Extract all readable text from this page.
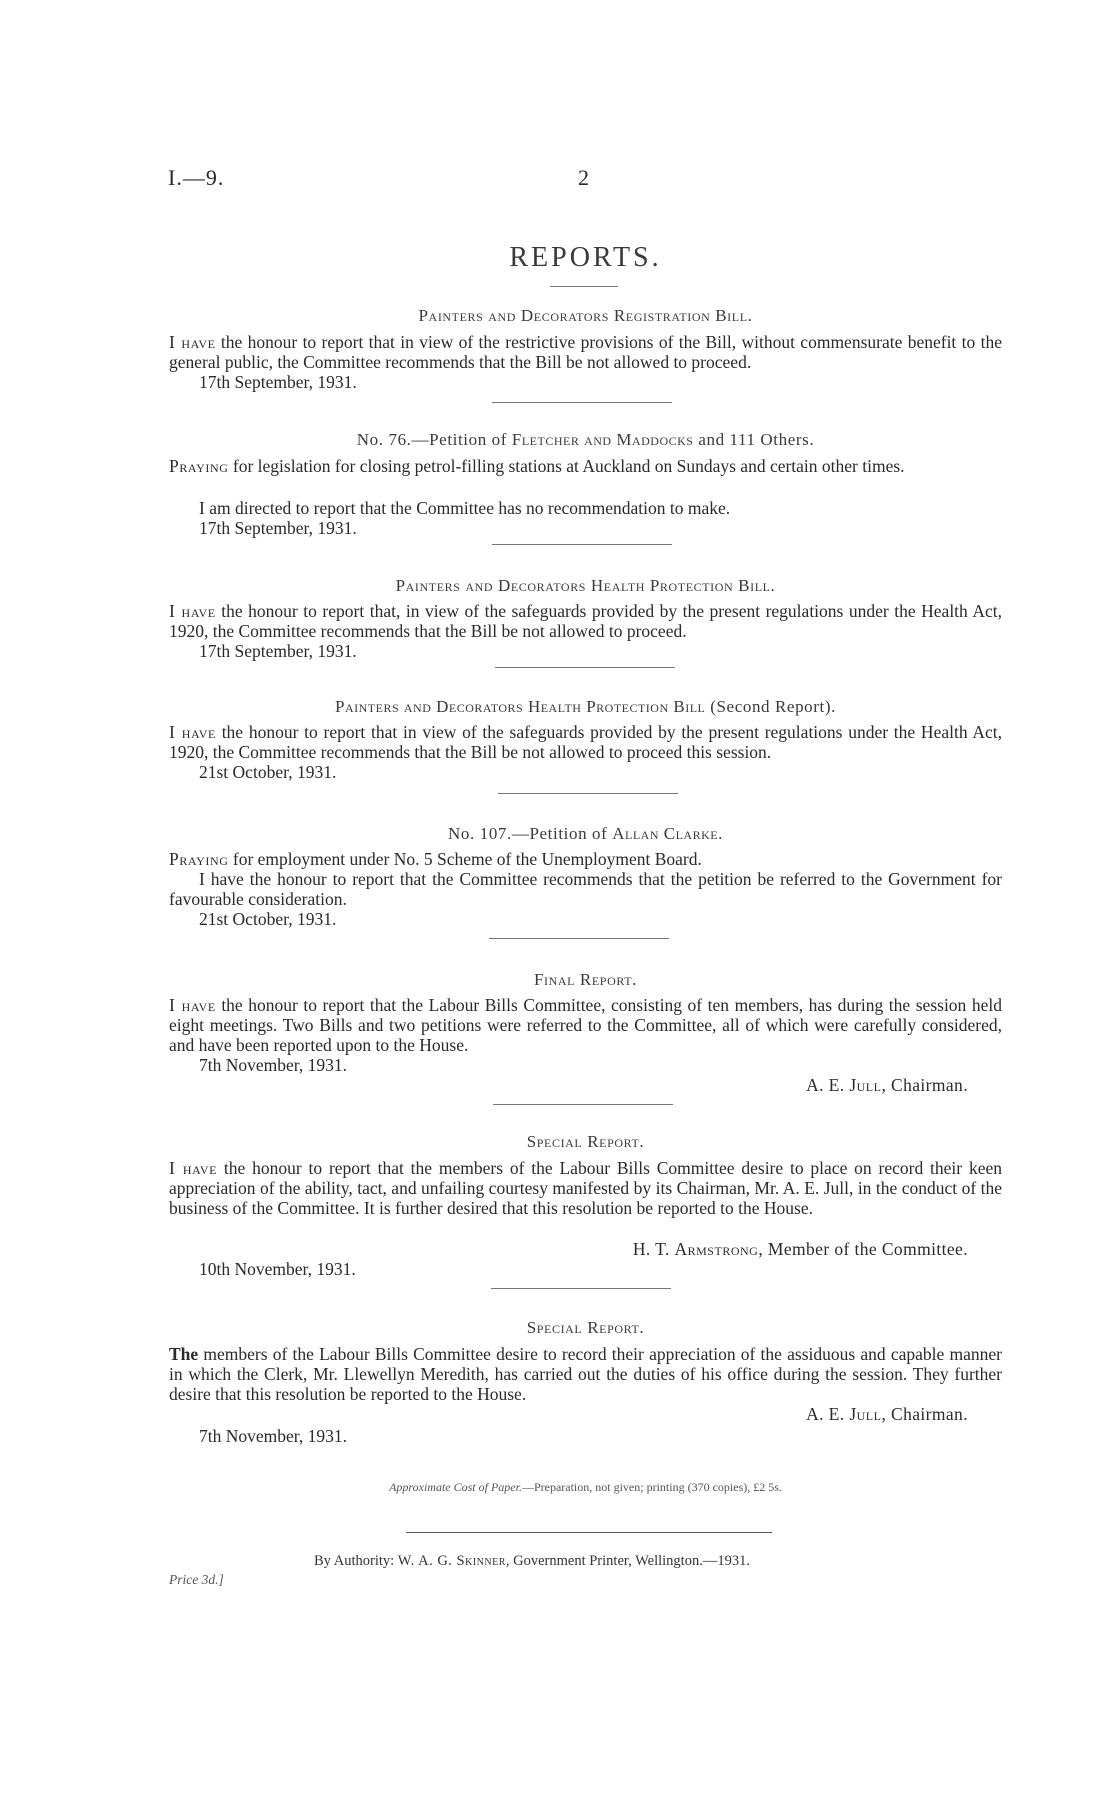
I.—9.	2
REPORTS.
Painters and Decorators Registration Bill.
I have the honour to report that in view of the restrictive provisions of the Bill, without commensurate benefit to the general public, the Committee recommends that the Bill be not allowed to proceed.
17th September, 1931.
No. 76.—Petition of Fletcher and Maddocks and 111 Others.
Praying for legislation for closing petrol-filling stations at Auckland on Sundays and certain other times.
I am directed to report that the Committee has no recommendation to make.
17th September, 1931.
Painters and Decorators Health Protection Bill.
I have the honour to report that, in view of the safeguards provided by the present regulations under the Health Act, 1920, the Committee recommends that the Bill be not allowed to proceed.
17th September, 1931.
Painters and Decorators Health Protection Bill (Second Report).
I have the honour to report that in view of the safeguards provided by the present regulations under the Health Act, 1920, the Committee recommends that the Bill be not allowed to proceed this session.
21st October, 1931.
No. 107.—Petition of Allan Clarke.
Praying for employment under No. 5 Scheme of the Unemployment Board.
I have the honour to report that the Committee recommends that the petition be referred to the Government for favourable consideration.
21st October, 1931.
Final Report.
I have the honour to report that the Labour Bills Committee, consisting of ten members, has during the session held eight meetings. Two Bills and two petitions were referred to the Committee, all of which were carefully considered, and have been reported upon to the House.
7th November, 1931.
A. E. Jull, Chairman.
Special Report.
I have the honour to report that the members of the Labour Bills Committee desire to place on record their keen appreciation of the ability, tact, and unfailing courtesy manifested by its Chairman, Mr. A. E. Jull, in the conduct of the business of the Committee. It is further desired that this resolution be reported to the House.
H. T. Armstrong, Member of the Committee.
10th November, 1931.
Special Report.
The members of the Labour Bills Committee desire to record their appreciation of the assiduous and capable manner in which the Clerk, Mr. Llewellyn Meredith, has carried out the duties of his office during the session. They further desire that this resolution be reported to the House.
A. E. Jull, Chairman.
7th November, 1931.
Approximate Cost of Paper.—Preparation, not given; printing (370 copies), £2 5s.
By Authority: W. A. G. Skinner, Government Printer, Wellington.—1931.
Price 3d.]
